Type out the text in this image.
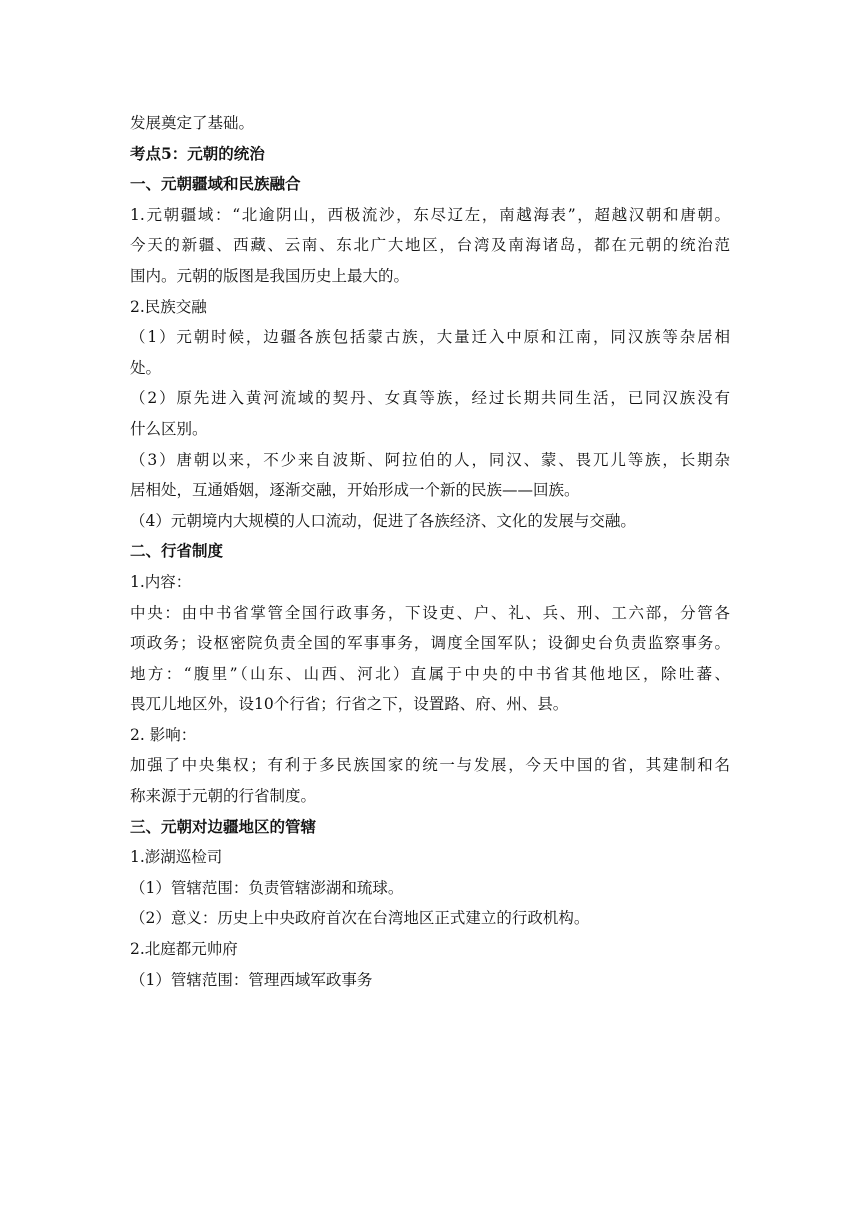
发展奠定了基础。
考点5：元朝的统治
一、元朝疆域和民族融合
1.元朝疆域：“北逾阴山，西极流沙，东尽辽左，南越海表”，超越汉朝和唐朝。
今天的新疆、西藏、云南、东北广大地区，台湾及南海诸岛，都在元朝的统治范
围内。元朝的版图是我国历史上最大的。
2.民族交融
（1）元朝时候，边疆各族包括蒙古族，大量迁入中原和江南，同汉族等杂居相
处。
（2）原先进入黄河流域的契丹、女真等族，经过长期共同生活，已同汉族没有
什么区别。
（3）唐朝以来，不少来自波斯、阿拉伯的人，同汉、蒙、畏兀儿等族，长期杂
居相处，互通婚姻，逐渐交融，开始形成一个新的民族——回族。
（4）元朝境内大规模的人口流动，促进了各族经济、文化的发展与交融。
二、行省制度
1.内容：
中央：由中书省掌管全国行政事务，下设吏、户、礼、兵、刑、工六部，分管各
项政务；设枢密院负责全国的军事事务，调度全国军队；设御史台负责监察事务。
地方：“腹里”（山东、山西、河北）直属于中央的中书省其他地区，除吐蕃、
畏兀儿地区外，设10个行省；行省之下，设置路、府、州、县。
2. 影响：
加强了中央集权；有利于多民族国家的统一与发展，今天中国的省，其建制和名
称来源于元朝的行省制度。
三、元朝对边疆地区的管辖
1.澎湖巡检司
（1）管辖范围：负责管辖澎湖和琉球。
（2）意义：历史上中央政府首次在台湾地区正式建立的行政机构。
2.北庭都元帅府
（1）管辖范围：管理西域军政事务
